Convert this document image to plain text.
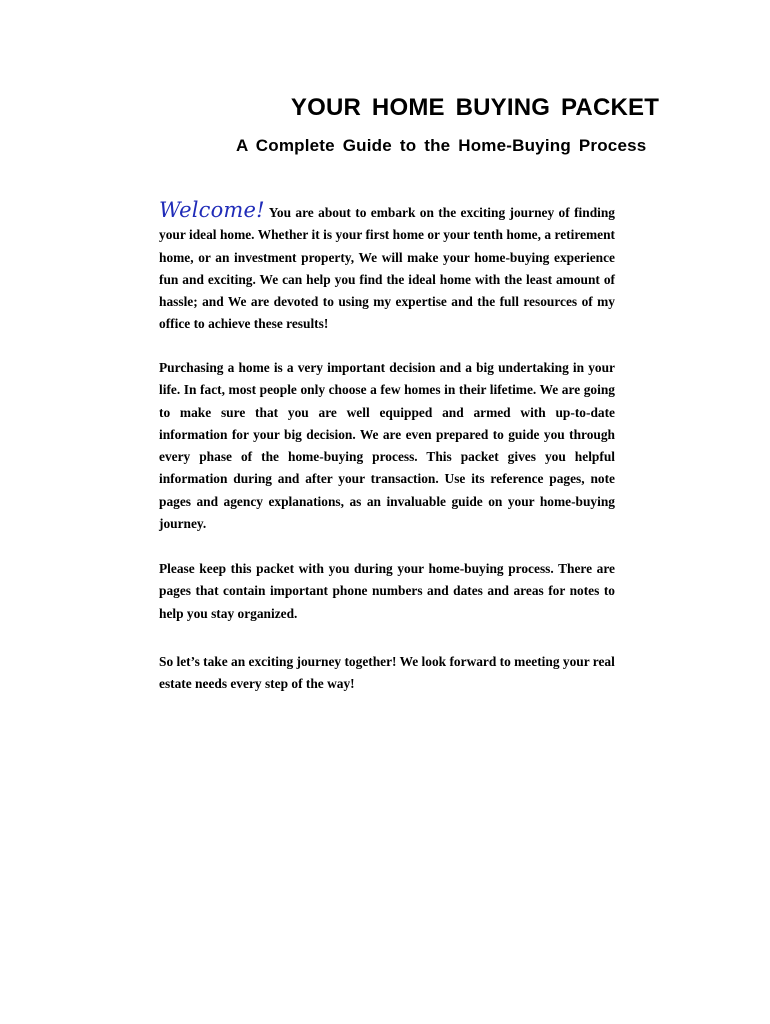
YOUR HOME BUYING PACKET
A Complete Guide to the Home-Buying Process

Welcome! You are about to embark on the exciting journey of finding your ideal home. Whether it is your first home or your tenth home, a retirement home, or an investment property, We will make your home-buying experience fun and exciting. We can help you find the ideal home with the least amount of hassle; and We are devoted to using my expertise and the full resources of my office to achieve these results!

Purchasing a home is a very important decision and a big undertaking in your life. In fact, most people only choose a few homes in their lifetime. We are going to make sure that you are well equipped and armed with up-to-date information for your big decision. We are even prepared to guide you through every phase of the home-buying process. This packet gives you helpful information during and after your transaction. Use its reference pages, note pages and agency explanations, as an invaluable guide on your home-buying journey.

Please keep this packet with you during your home-buying process. There are pages that contain important phone numbers and dates and areas for notes to help you stay organized.

So let’s take an exciting journey together! We look forward to meeting your real estate needs every step of the way!
